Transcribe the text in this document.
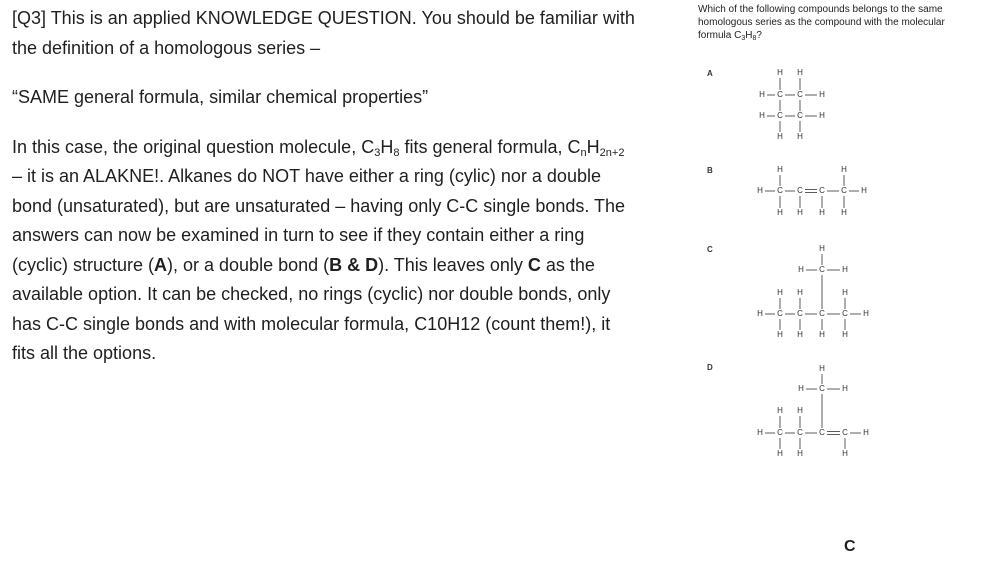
[Q3] This is an applied KNOWLEDGE QUESTION. You should be familiar with
the definition of a homologous series –

“SAME general formula, similar chemical properties”

In this case, the original question molecule, $C_3H_8$ fits general formula, $C_nH_{2n+2}$
– it is an ALAKNE!. Alkanes do NOT have either a ring (cylic) nor a double
bond (unsaturated), but are unsaturated – having only C-C single bonds. The
answers can now be examined in turn to see if they contain either a ring
(cyclic) structure (A), or a double bond (B & D). This leaves only C as the
available option. It can be checked, no rings (cyclic) nor double bonds, only
has C-C single bonds and with molecular formula, C10H12 (count them!), it
fits all the options.

Which of the following compounds belongs to the same
homologous series as the compound with the molecular
formula $C_3H_8$?
A
B
C
D
H H
H C C H
H C C H
H H
H	H
H C C C C H
H H H H
H
H C H
H H	H
H C C C C H
H H H H
H
H C H
H H
H C C C C H
H H	H
C
